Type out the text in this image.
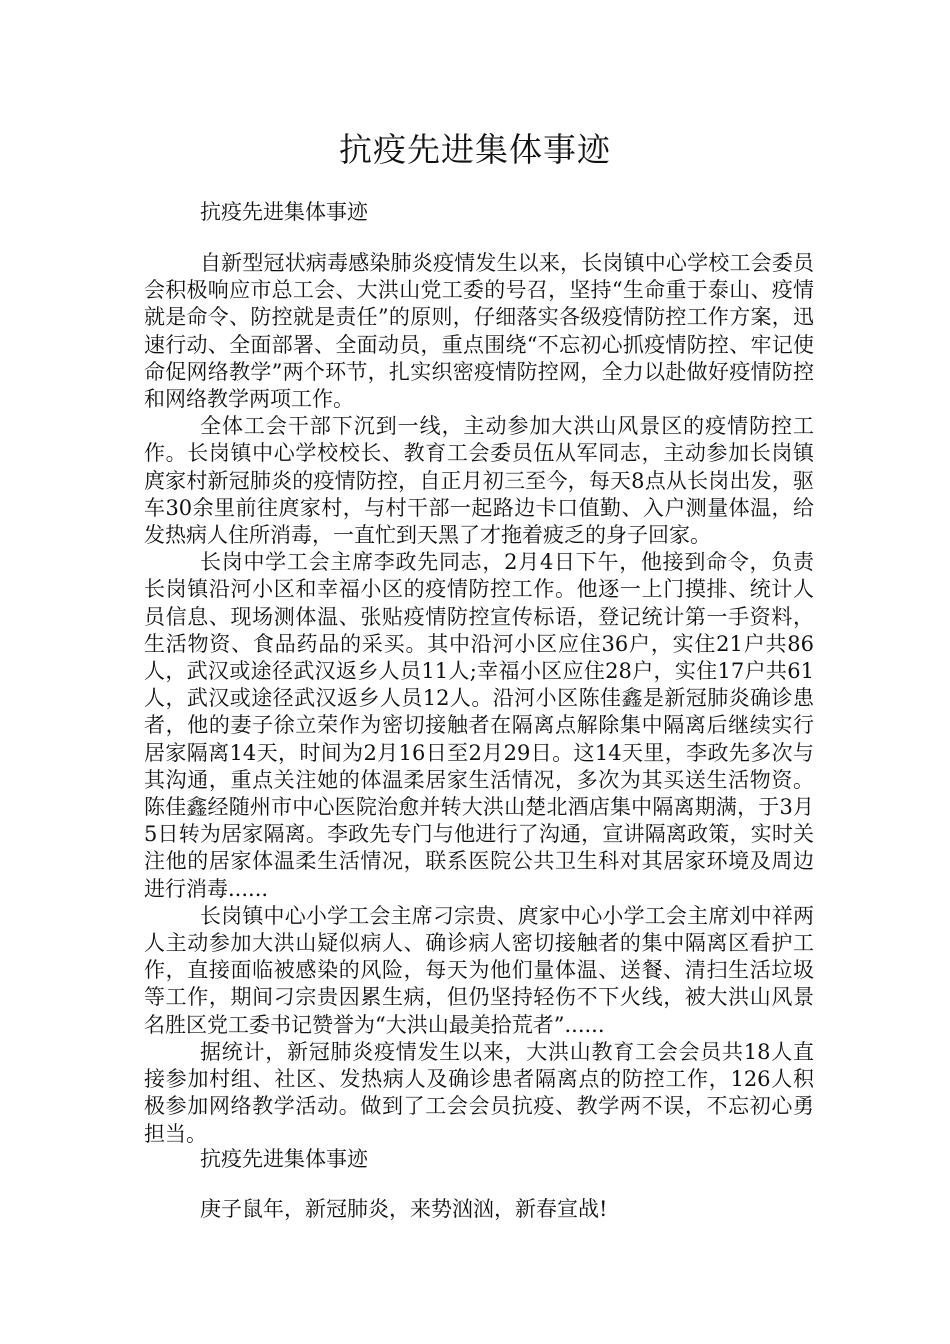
抗疫先进集体事迹
抗疫先进集体事迹

自新型冠状病毒感染肺炎疫情发生以来，长岗镇中心学校工会委员会积极响应市总工会、大洪山党工委的号召，坚持“生命重于泰山、疫情就是命令、防控就是责任”的原则，仔细落实各级疫情防控工作方案，迅速行动、全面部署、全面动员，重点围绕“不忘初心抓疫情防控、牢记使命促网络教学”两个环节，扎实织密疫情防控网，全力以赴做好疫情防控和网络教学两项工作。

全体工会干部下沉到一线，主动参加大洪山风景区的疫情防控工作。长岗镇中心学校校长、教育工会委员伍从军同志，主动参加长岗镇庹家村新冠肺炎的疫情防控，自正月初三至今，每天8点从长岗出发，驱车30余里前往庹家村，与村干部一起路边卡口值勤、入户测量体温，给发热病人住所消毒，一直忙到天黑了才拖着疲乏的身子回家。

长岗中学工会主席李政先同志，2月4日下午，他接到命令，负责长岗镇沿河小区和幸福小区的疫情防控工作。他逐一上门摸排、统计人员信息、现场测体温、张贴疫情防控宣传标语，登记统计第一手资料，生活物资、食品药品的采买。其中沿河小区应住36户，实住21户共86人，武汉或途径武汉返乡人员11人;幸福小区应住28户，实住17户共61人，武汉或途径武汉返乡人员12人。沿河小区陈佳鑫是新冠肺炎确诊患者，他的妻子徐立荣作为密切接触者在隔离点解除集中隔离后继续实行居家隔离14天，时间为2月16日至2月29日。这14天里，李政先多次与其沟通，重点关注她的体温柔居家生活情况，多次为其买送生活物资。陈佳鑫经随州市中心医院治愈并转大洪山楚北酒店集中隔离期满，于3月5日转为居家隔离。李政先专门与他进行了沟通，宣讲隔离政策，实时关注他的居家体温柔生活情况，联系医院公共卫生科对其居家环境及周边进行消毒......

长岗镇中心小学工会主席刁宗贵、庹家中心小学工会主席刘中祥两人主动参加大洪山疑似病人、确诊病人密切接触者的集中隔离区看护工作，直接面临被感染的风险，每天为他们量体温、送餐、清扫生活垃圾等工作，期间刁宗贵因累生病，但仍坚持轻伤不下火线，被大洪山风景名胜区党工委书记赞誉为“大洪山最美拾荒者”......

据统计，新冠肺炎疫情发生以来，大洪山教育工会会员共18人直接参加村组、社区、发热病人及确诊患者隔离点的防控工作，126人积极参加网络教学活动。做到了工会会员抗疫、教学两不误，不忘初心勇担当。

抗疫先进集体事迹
庚子鼠年，新冠肺炎，来势汹汹，新春宣战!
